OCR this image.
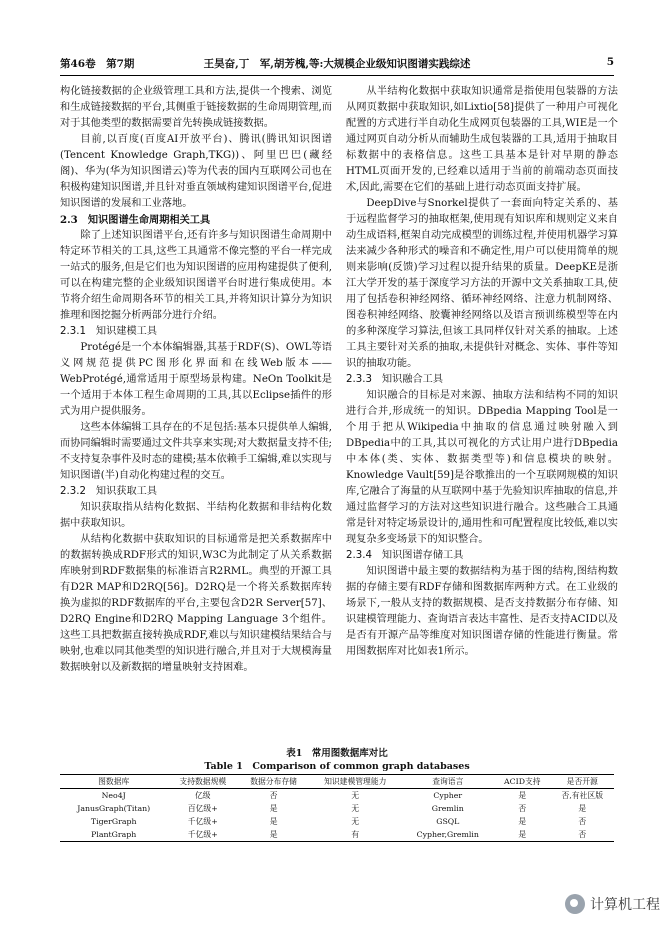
第46卷　第7期	王昊奋,丁　军,胡芳槐,等:大规模企业级知识图谱实践综述	5

构化链接数据的企业级管理工具和方法,提供一个搜索、浏览和生成链接数据的平台,其侧重于链接数据的生命周期管理,而对于其他类型的数据需要首先转换成链接数据。

目前,以百度(百度AI开放平台)、腾讯(腾讯知识图谱(Tencent Knowledge Graph,TKG))、阿里巴巴(藏经阁)、华为(华为知识图谱云)等为代表的国内互联网公司也在积极构建知识图谱,并且针对垂直领域构建知识图谱平台,促进知识图谱的发展和工业落地。

2.3　知识图谱生命周期相关工具

除了上述知识图谱平台,还有许多与知识图谱生命周期中特定环节相关的工具,这些工具通常不像完整的平台一样完成一站式的服务,但是它们也为知识图谱的应用构建提供了便利,可以在构建完整的企业级知识图谱平台时进行集成使用。本节将介绍生命周期各环节的相关工具,并将知识计算分为知识推理和图挖掘分析两部分进行介绍。

2.3.1 知识建模工具

Protégé是一个本体编辑器,其基于RDF(S)、OWL等语义网规范提供PC图形化界面和在线Web版本——WebProtégé,通常适用于原型场景构建。NeOn Toolkit是一个适用于本体工程生命周期的工具,其以Eclipse插件的形式为用户提供服务。

这些本体编辑工具存在的不足包括:基本只提供单人编辑,而协同编辑时需要通过文件共享来实现;对大数据量支持不佳;不支持复杂事件及时态的建模;基本依赖手工编辑,难以实现与知识图谱(半)自动化构建过程的交互。

2.3.2 知识获取工具

知识获取指从结构化数据、半结构化数据和非结构化数据中获取知识。

从结构化数据中获取知识的目标通常是把关系数据库中的数据转换成RDF形式的知识,W3C为此制定了从关系数据库映射到RDF数据集的标准语言R2RML。典型的开源工具有D2R MAP和D2RQ[56]。D2RQ是一个将关系数据库转换为虚拟的RDF数据库的平台,主要包含D2R Server[57]、D2RQ Engine和D2RQ Mapping Language 3个组件。这些工具把数据直接转换成RDF,难以与知识建模结果结合与映射,也难以同其他类型的知识进行融合,并且对于大规模海量数据映射以及新数据的增量映射支持困难。

从半结构化数据中获取知识通常是指使用包装器的方法从网页数据中获取知识,如Lixtio[58]提供了一种用户可视化配置的方式进行半自动化生成网页包装器的工具,WIE是一个通过网页自动分析从而辅助生成包装器的工具,适用于抽取目标数据中的表格信息。这些工具基本是针对早期的静态HTML页面开发的,已经难以适用于当前的前端动态页面技术,因此,需要在它们的基础上进行动态页面支持扩展。

DeepDive与Snorkel提供了一套面向特定关系的、基于远程监督学习的抽取框架,使用现有知识库和规则定义来自动生成语料,框架自动完成模型的训练过程,并使用机器学习算法来减少各种形式的噪音和不确定性,用户可以使用简单的规则来影响(反馈)学习过程以提升结果的质量。DeepKE是浙江大学开发的基于深度学习方法的开源中文关系抽取工具,使用了包括卷积神经网络、循环神经网络、注意力机制网络、图卷积神经网络、胶囊神经网络以及语言预训练模型等在内的多种深度学习算法,但该工具同样仅针对关系的抽取。上述工具主要针对关系的抽取,未提供针对概念、实体、事件等知识的抽取功能。

2.3.3 知识融合工具

知识融合的目标是对来源、抽取方法和结构不同的知识进行合并,形成统一的知识。DBpedia Mapping Tool是一个用于把从Wikipedia中抽取的信息通过映射融入到DBpedia中的工具,其以可视化的方式让用户进行DBpedia中本体(类、实体、数据类型等)和信息模块的映射。Knowledge Vault[59]是谷歌推出的一个互联网规模的知识库,它融合了海量的从互联网中基于先验知识库抽取的信息,并通过监督学习的方法对这些知识进行融合。这些融合工具通常是针对特定场景设计的,通用性和可配置程度比较低,难以实现复杂多变场景下的知识整合。

2.3.4 知识图谱存储工具

知识图谱中最主要的数据结构为基于图的结构,图结构数据的存储主要有RDF存储和图数据库两种方式。在工业级的场景下,一般从支持的数据规模、是否支持数据分布存储、知识建模管理能力、查询语言表达丰富性、是否支持ACID以及是否有开源产品等维度对知识图谱存储的性能进行衡量。常用图数据库对比如表1所示。

表1　常用图数据库对比
Table 1　Comparison of common graph databases
图数据库	支持数据规模	数据分布存储	知识建模管理能力	查询语言	ACID支持	是否开源
Neo4J	亿级	否	无	Cypher	是	否,有社区版
JanusGraph(Titan)	百亿级+	是	无	Gremlin	否	是
TigerGraph	千亿级+	是	无	GSQL	是	否
PlantGraph	千亿级+	是	有	Cypher,Gremlin	是	否
计算机工程
